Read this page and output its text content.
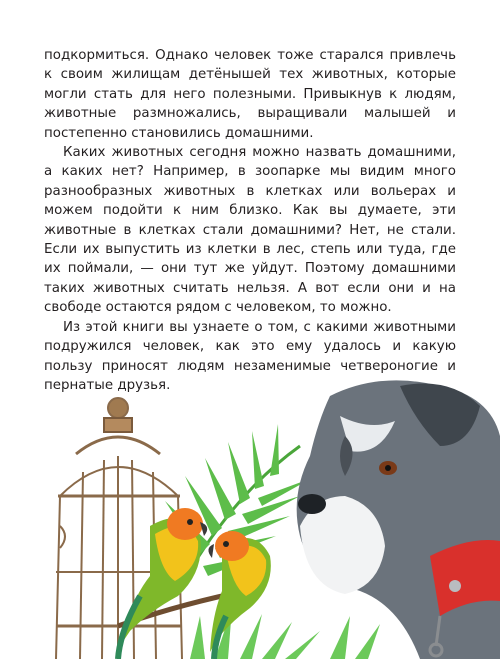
подкормиться. Однако человек тоже старался привлечь к своим жилищам детёнышей тех животных, которые могли стать для него полезными. Привыкнув к людям, животные размножались, выращивали малышей и постепенно становились домашними.

Каких животных сегодня можно назвать домашними, а каких нет? Например, в зоопарке мы видим много разнообразных животных в клетках или вольерах и можем подойти к ним близко. Как вы думаете, эти животные в клетках стали домашними? Нет, не стали. Если их выпустить из клетки в лес, степь или туда, где их поймали, — они тут же уйдут. Поэтому домашними таких животных считать нельзя. А вот если они и на свободе остаются рядом с человеком, то можно.

Из этой книги вы узнаете о том, с какими животными подружился человек, как это ему удалось и какую пользу приносят людям незаменимые четвероногие и пернатые друзья.
